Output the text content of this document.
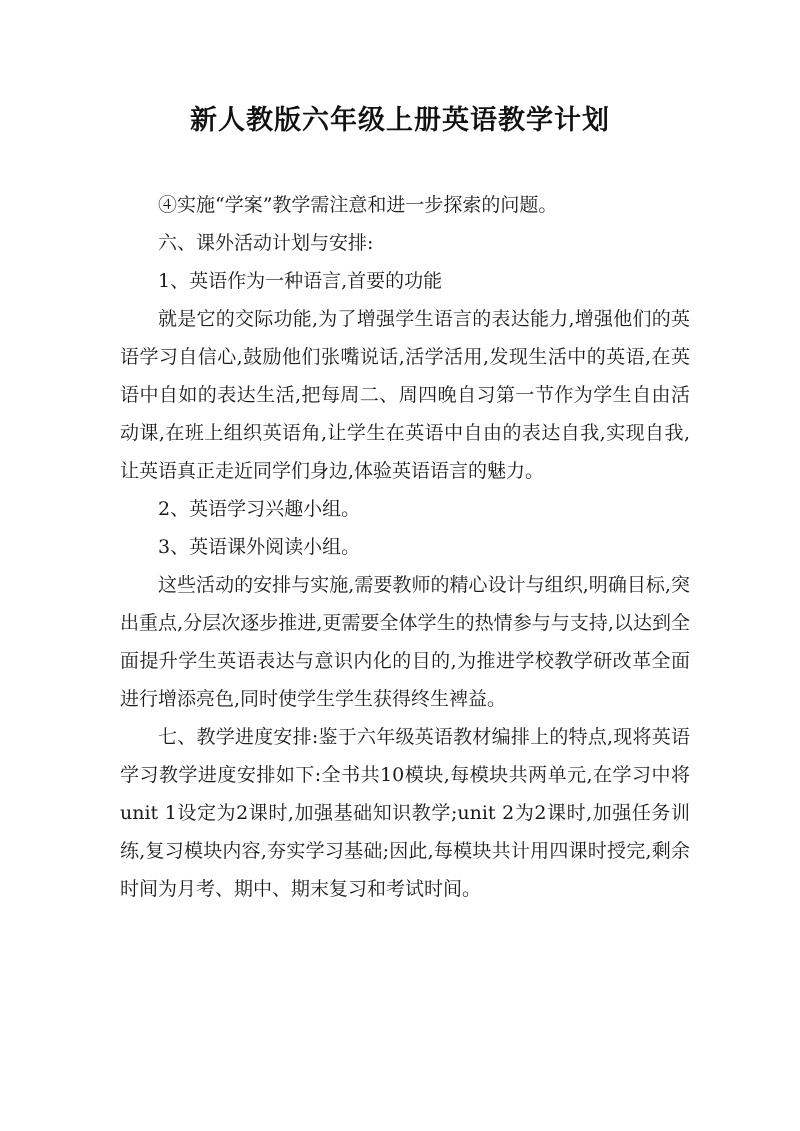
新人教版六年级上册英语教学计划

④实施“学案”教学需注意和进一步探索的问题。

六、课外活动计划与安排:

1、英语作为一种语言,首要的功能

就是它的交际功能,为了增强学生语言的表达能力,增强他们的英语学习自信心,鼓励他们张嘴说话,活学活用,发现生活中的英语,在英语中自如的表达生活,把每周二、周四晚自习第一节作为学生自由活动课,在班上组织英语角,让学生在英语中自由的表达自我,实现自我,让英语真正走近同学们身边,体验英语语言的魅力。

2、英语学习兴趣小组。

3、英语课外阅读小组。

这些活动的安排与实施,需要教师的精心设计与组织,明确目标,突出重点,分层次逐步推进,更需要全体学生的热情参与与支持,以达到全面提升学生英语表达与意识内化的目的,为推进学校教学研改革全面进行增添亮色,同时使学生学生获得终生裨益。

七、教学进度安排:鉴于六年级英语教材编排上的特点,现将英语学习教学进度安排如下:全书共10模块,每模块共两单元,在学习中将unit 1设定为2课时,加强基础知识教学;unit 2为2课时,加强任务训练,复习模块内容,夯实学习基础;因此,每模块共计用四课时授完,剩余时间为月考、期中、期末复习和考试时间。
